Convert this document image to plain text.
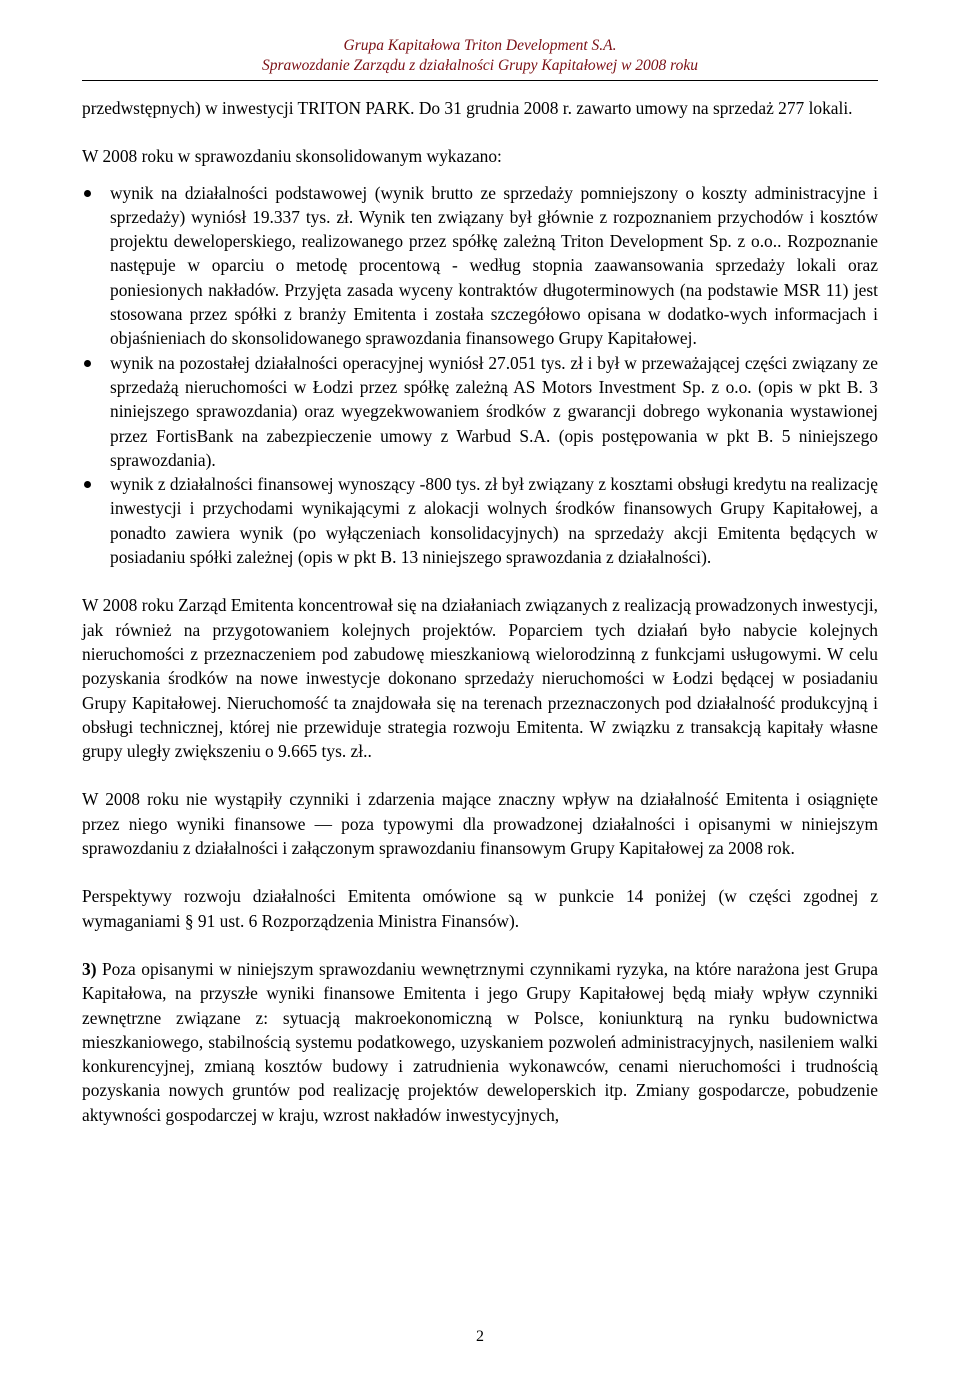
Grupa Kapitałowa Triton Development S.A.
Sprawozdanie Zarządu z działalności Grupy Kapitałowej w 2008 roku

przedwstępnych) w inwestycji TRITON PARK. Do 31 grudnia 2008 r. zawarto umowy na sprzedaż 277 lokali.

W 2008 roku w sprawozdaniu skonsolidowanym wykazano:

wynik na działalności podstawowej (wynik brutto ze sprzedaży pomniejszony o koszty administracyjne i sprzedaży) wyniósł 19.337 tys. zł. Wynik ten związany był głównie z rozpoznaniem przychodów i kosztów projektu deweloperskiego, realizowanego przez spółkę zależną Triton Development Sp. z o.o.. Rozpoznanie następuje w oparciu o metodę procentową - według stopnia zaawansowania sprzedaży lokali oraz poniesionych nakładów. Przyjęta zasada wyceny kontraktów długoterminowych (na podstawie MSR 11) jest stosowana przez spółki z branży Emitenta i została szczegółowo opisana w dodatko-wych informacjach i objaśnieniach do skonsolidowanego sprawozdania finansowego Grupy Kapitałowej.
wynik na pozostałej działalności operacyjnej wyniósł 27.051 tys. zł i był w przeważającej części związany ze sprzedażą nieruchomości w Łodzi przez spółkę zależną AS Motors Investment Sp. z o.o. (opis w pkt B. 3 niniejszego sprawozdania) oraz wyegzekwowaniem środków z gwarancji dobrego wykonania wystawionej przez FortisBank na zabezpieczenie umowy z Warbud S.A. (opis postępowania w pkt B. 5 niniejszego sprawozdania).
wynik z działalności finansowej wynoszący -800 tys. zł był związany z kosztami obsługi kredytu na realizację inwestycji i przychodami wynikającymi z alokacji wolnych środków finansowych Grupy Kapitałowej, a ponadto zawiera wynik (po wyłączeniach konsolidacyjnych) na sprzedaży akcji Emitenta będących w posiadaniu spółki zależnej (opis w pkt B. 13 niniejszego sprawozdania z działalności).

W 2008 roku Zarząd Emitenta koncentrował się na działaniach związanych z realizacją prowadzonych inwestycji, jak również na przygotowaniem kolejnych projektów. Poparciem tych działań było nabycie kolejnych nieruchomości z przeznaczeniem pod zabudowę mieszkaniową wielorodzinną z funkcjami usługowymi. W celu pozyskania środków na nowe inwestycje dokonano sprzedaży nieruchomości w Łodzi będącej w posiadaniu Grupy Kapitałowej. Nieruchomość ta znajdowała się na terenach przeznaczonych pod działalność produkcyjną i obsługi technicznej, której nie przewiduje strategia rozwoju Emitenta. W związku z transakcją kapitały własne grupy uległy zwiększeniu o 9.665 tys. zł..

W 2008 roku nie wystąpiły czynniki i zdarzenia mające znaczny wpływ na działalność Emitenta i osiągnięte przez niego wyniki finansowe — poza typowymi dla prowadzonej działalności i opisanymi w niniejszym sprawozdaniu z działalności i załączonym sprawozdaniu finansowym Grupy Kapitałowej za 2008 rok.

Perspektywy rozwoju działalności Emitenta omówione są w punkcie 14 poniżej (w części zgodnej z wymaganiami § 91 ust. 6 Rozporządzenia Ministra Finansów).

3) Poza opisanymi w niniejszym sprawozdaniu wewnętrznymi czynnikami ryzyka, na które narażona jest Grupa Kapitałowa, na przyszłe wyniki finansowe Emitenta i jego Grupy Kapitałowej będą miały wpływ czynniki zewnętrzne związane z: sytuacją makroekonomiczną w Polsce, koniunkturą na rynku budownictwa mieszkaniowego, stabilnością systemu podatkowego, uzyskaniem pozwoleń administracyjnych, nasileniem walki konkurencyjnej, zmianą kosztów budowy i zatrudnienia wykonawców, cenami nieruchomości i trudnością pozyskania nowych gruntów pod realizację projektów deweloperskich itp. Zmiany gospodarcze, pobudzenie aktywności gospodarczej w kraju, wzrost nakładów inwestycyjnych,

2
